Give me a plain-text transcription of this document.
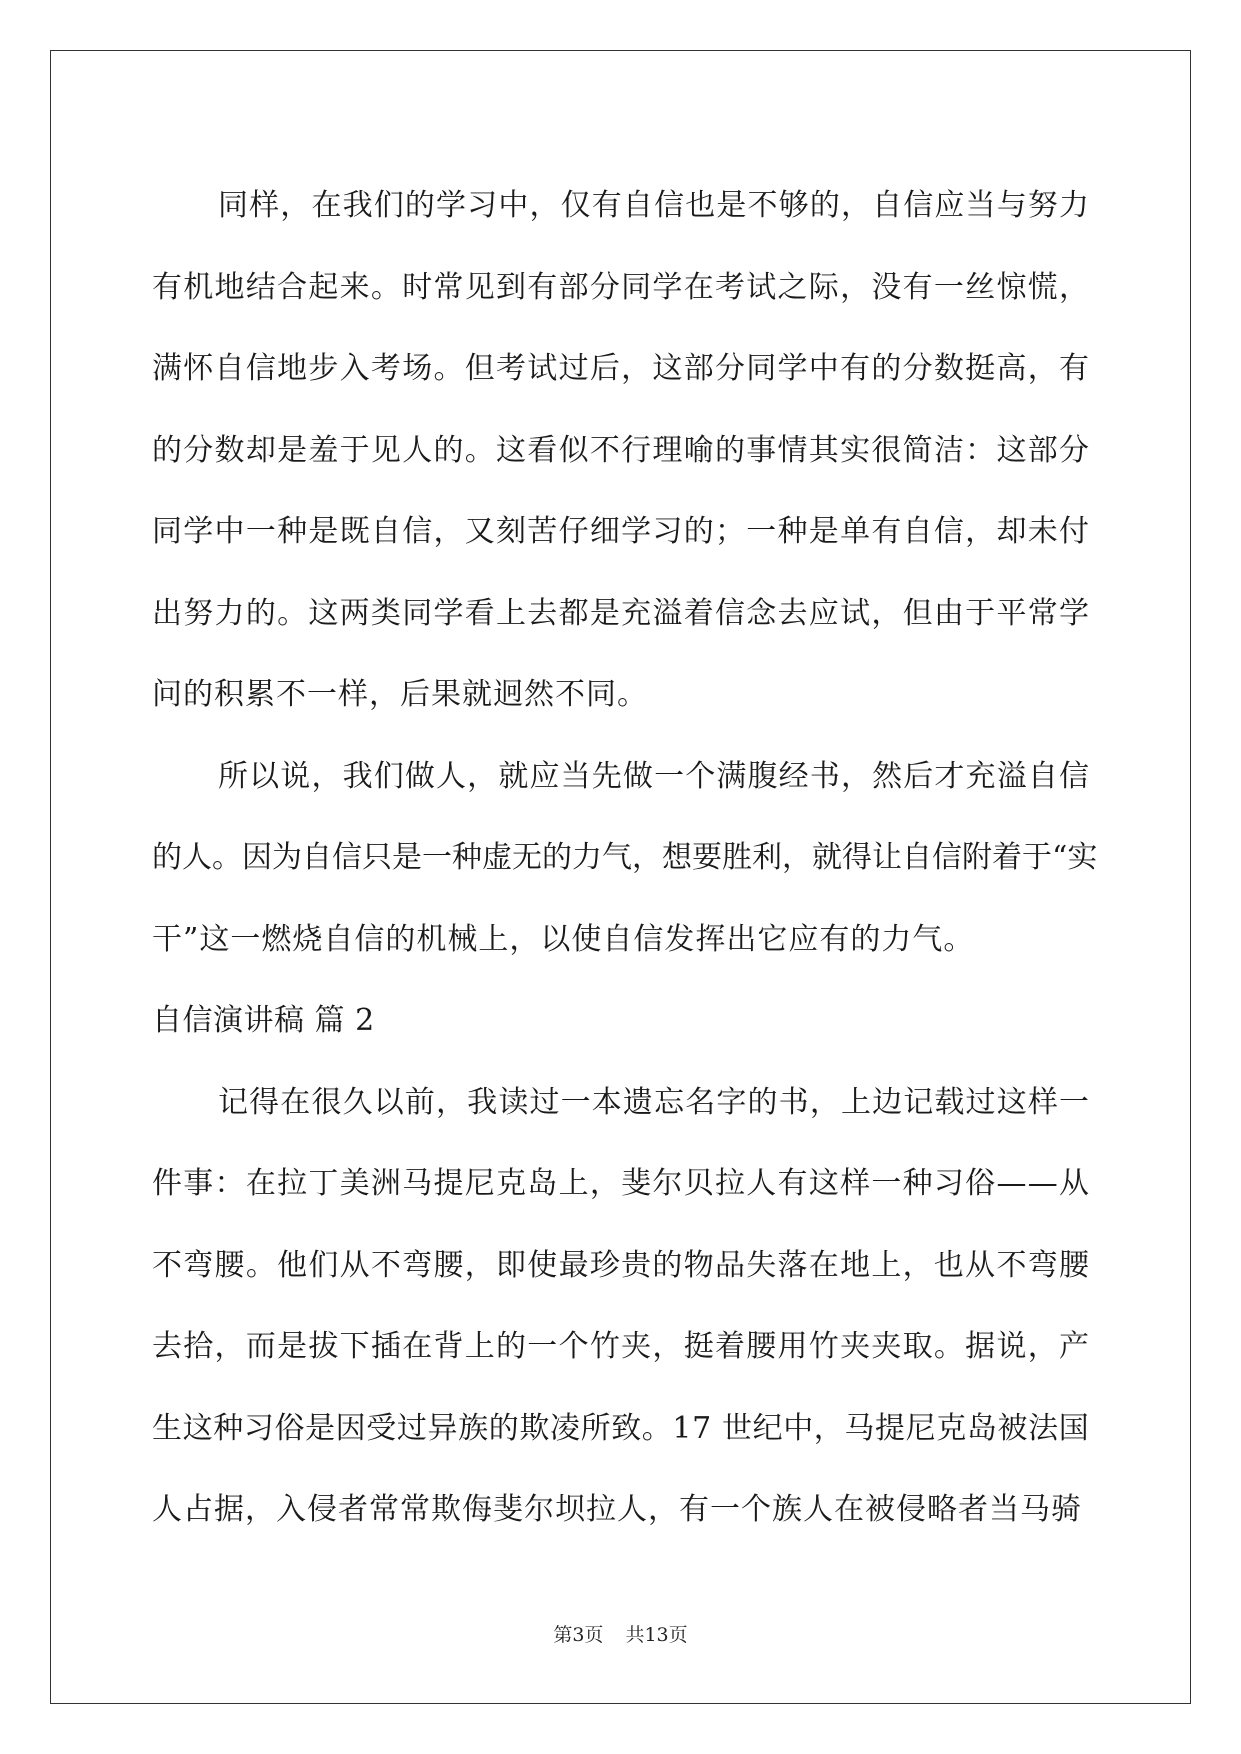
同样，在我们的学习中，仅有自信也是不够的，自信应当与努力
有机地结合起来。时常见到有部分同学在考试之际，没有一丝惊慌，
满怀自信地步入考场。但考试过后，这部分同学中有的分数挺高，有
的分数却是羞于见人的。这看似不行理喻的事情其实很简洁：这部分
同学中一种是既自信，又刻苦仔细学习的；一种是单有自信，却未付
出努力的。这两类同学看上去都是充溢着信念去应试，但由于平常学
问的积累不一样，后果就迥然不同。
所以说，我们做人，就应当先做一个满腹经书，然后才充溢自信
的人。因为自信只是一种虚无的力气，想要胜利，就得让自信附着于“实
干”这一燃烧自信的机械上，以使自信发挥出它应有的力气。
自信演讲稿 篇 2
记得在很久以前，我读过一本遗忘名字的书，上边记载过这样一
件事：在拉丁美洲马提尼克岛上，斐尔贝拉人有这样一种习俗——从
不弯腰。他们从不弯腰，即使最珍贵的物品失落在地上，也从不弯腰
去拾，而是拔下插在背上的一个竹夹，挺着腰用竹夹夹取。据说，产
生这种习俗是因受过异族的欺凌所致。17 世纪中，马提尼克岛被法国
人占据，入侵者常常欺侮斐尔坝拉人，有一个族人在被侵略者当马骑
第3页 共13页
